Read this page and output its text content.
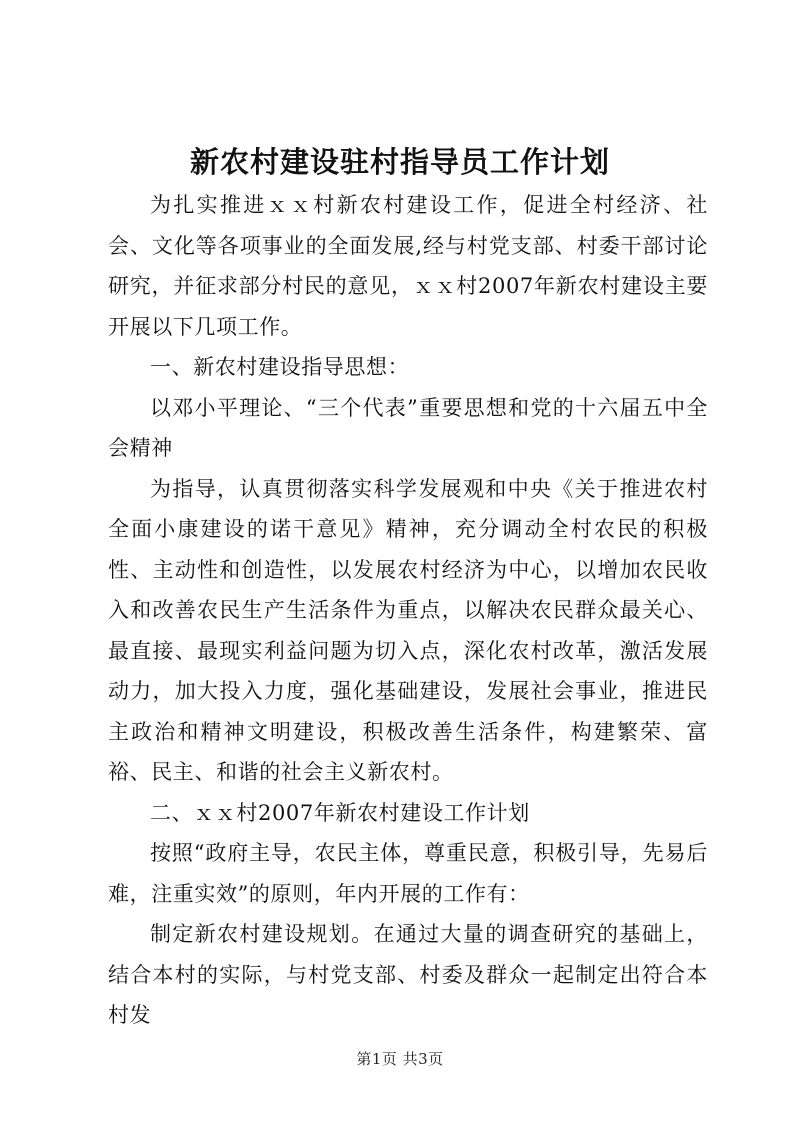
新农村建设驻村指导员工作计划

为扎实推进ｘｘ村新农村建设工作，促进全村经济、社会、文化等各项事业的全面发展,经与村党支部、村委干部讨论研究，并征求部分村民的意见，ｘｘ村2007年新农村建设主要开展以下几项工作。

一、新农村建设指导思想：

以邓小平理论、“三个代表”重要思想和党的十六届五中全会精神

为指导，认真贯彻落实科学发展观和中央《关于推进农村全面小康建设的诺干意见》精神，充分调动全村农民的积极性、主动性和创造性，以发展农村经济为中心，以增加农民收入和改善农民生产生活条件为重点，以解决农民群众最关心、最直接、最现实利益问题为切入点，深化农村改革，激活发展动力，加大投入力度，强化基础建设，发展社会事业，推进民主政治和精神文明建设，积极改善生活条件，构建繁荣、富裕、民主、和谐的社会主义新农村。

二、ｘｘ村2007年新农村建设工作计划

按照“政府主导，农民主体，尊重民意，积极引导，先易后难，注重实效”的原则，年内开展的工作有：

制定新农村建设规划。在通过大量的调查研究的基础上，结合本村的实际，与村党支部、村委及群众一起制定出符合本村发

第1页 共3页
